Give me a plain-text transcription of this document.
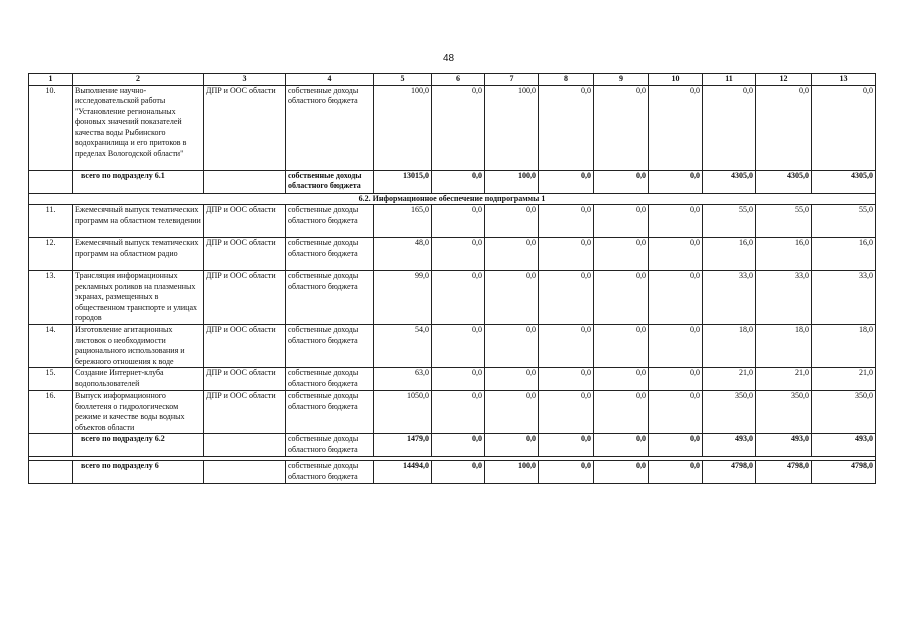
48
1	2	3	4	5	6	7	8	9	10	11	12	13
10.	Выполнение научно-исследовательской работы "Установление региональных фоновых значений показателей качества воды Рыбинского водохранилища и его притоков в пределах Вологодской области"	ДПР и ООС области	собственные доходы областного бюджета	100,0	0,0	100,0	0,0	0,0	0,0	0,0	0,0	0,0
	всего по подразделу 6.1		собственные доходы областного бюджета	13015,0	0,0	100,0	0,0	0,0	0,0	4305,0	4305,0	4305,0
6.2. Информационное обеспечение подпрограммы 1												
11.	Ежемесячный выпуск тематических программ на областном телевидении	ДПР и ООС области	собственные доходы областного бюджета	165,0	0,0	0,0	0,0	0,0	0,0	55,0	55,0	55,0
12.	Ежемесячный выпуск тематических программ на областном радио	ДПР и ООС области	собственные доходы областного бюджета	48,0	0,0	0,0	0,0	0,0	0,0	16,0	16,0	16,0
13.	Трансляция информационных рекламных роликов на плазменных экранах, размещенных в общественном транспорте и улицах городов	ДПР и ООС области	собственные доходы областного бюджета	99,0	0,0	0,0	0,0	0,0	0,0	33,0	33,0	33,0
14.	Изготовление агитационных листовок о необходимости рационального использования и бережного отношения к воде	ДПР и ООС области	собственные доходы областного бюджета	54,0	0,0	0,0	0,0	0,0	0,0	18,0	18,0	18,0
15.	Создание Интернет-клуба водопользователей	ДПР и ООС области	собственные доходы областного бюджета	63,0	0,0	0,0	0,0	0,0	0,0	21,0	21,0	21,0
16.	Выпуск информационного бюллетеня о гидрологическом режиме и качестве воды водных объектов области	ДПР и ООС области	собственные доходы областного бюджета	1050,0	0,0	0,0	0,0	0,0	0,0	350,0	350,0	350,0
	всего по подразделу 6.2		собственные доходы областного бюджета	1479,0	0,0	0,0	0,0	0,0	0,0	493,0	493,0	493,0

	всего по подразделу 6		собственные доходы областного бюджета	14494,0	0,0	100,0	0,0	0,0	0,0	4798,0	4798,0	4798,0
